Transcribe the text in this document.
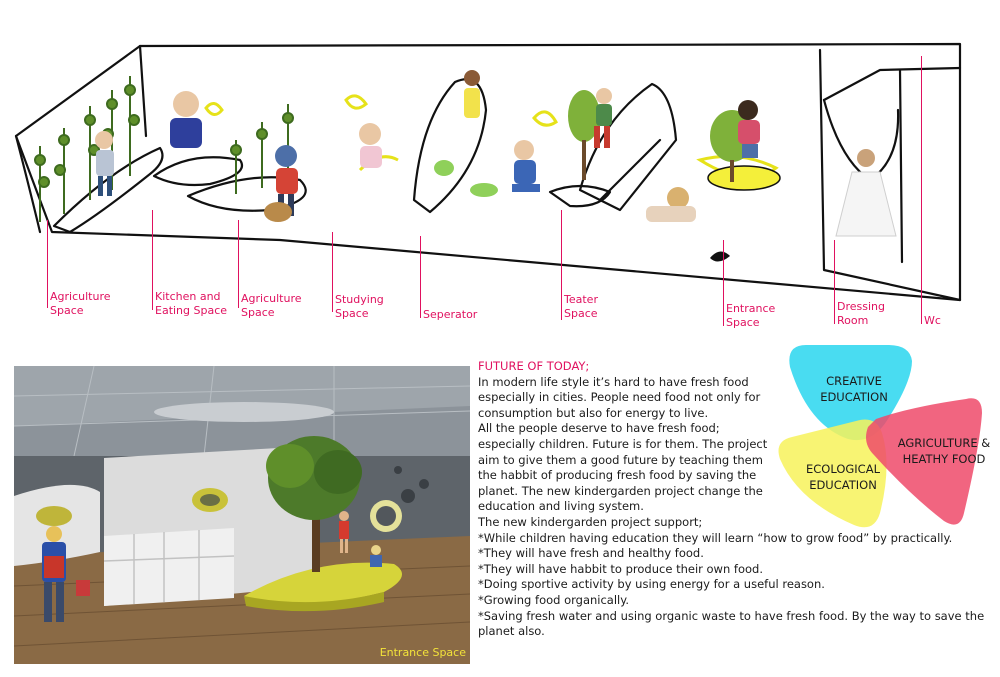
Agriculture
Space
Kitchen and
Eating Space
Agriculture
Space
Studying
Space	Seperator
Teater
Space	Entrance
Space
Dressing
Room	Wc
Entrance Space

FUTURE OF TODAY;

In modern life style it’s hard to have fresh food especially in cities. People need food not only for consumption but also for energy to live.

All the people deserve to have fresh food; especially children. Future is for them. The project aim to give them a good future by teaching them the habbit of producing fresh food by saving the planet. The new kindergarden project change the education and living system.

The new kindergarden project support;

*While children having education they will learn “how to grow food” by practically.

*They will have fresh and healthy food.

*They will have habbit to produce their own food.

*Doing sportive activity by using energy for a useful reason.

*Growing food organically.

*Saving fresh water and using organic waste to have fresh food. By the way to save the planet also.

CREATIVE
EDUCATION
AGRICULTURE &
HEATHY FOOD
ECOLOGICAL
EDUCATION
